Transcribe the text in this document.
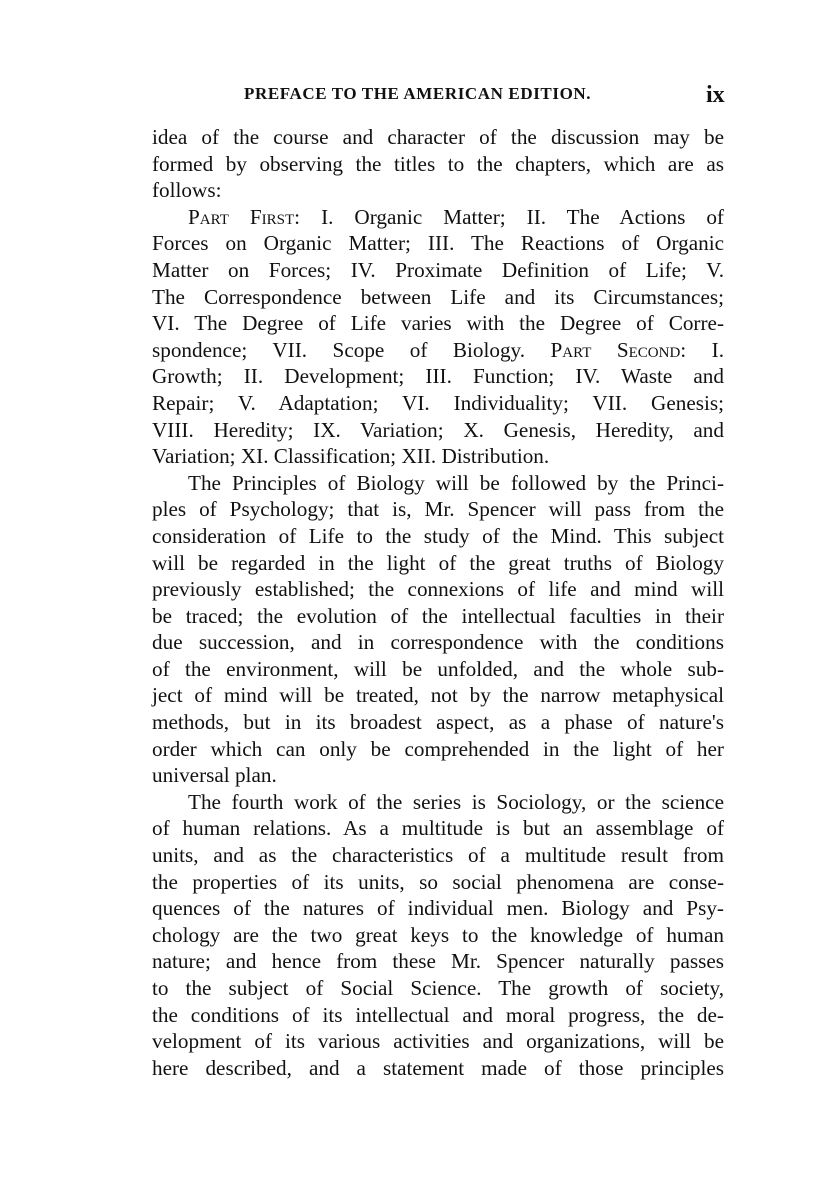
PREFACE TO THE AMERICAN EDITION.	ix
idea of the course and character of the discussion may be
formed by observing the titles to the chapters, which are as
follows:
Part First: I. Organic Matter; II. The Actions of
Forces on Organic Matter; III. The Reactions of Organic
Matter on Forces; IV. Proximate Definition of Life; V.
The Correspondence between Life and its Circumstances;
VI. The Degree of Life varies with the Degree of Corre-
spondence; VII. Scope of Biology. Part Second: I.
Growth; II. Development; III. Function; IV. Waste and
Repair; V. Adaptation; VI. Individuality; VII. Genesis;
VIII. Heredity; IX. Variation; X. Genesis, Heredity, and
Variation; XI. Classification; XII. Distribution.
The Principles of Biology will be followed by the Princi-
ples of Psychology; that is, Mr. Spencer will pass from the
consideration of Life to the study of the Mind. This subject
will be regarded in the light of the great truths of Biology
previously established; the connexions of life and mind will
be traced; the evolution of the intellectual faculties in their
due succession, and in correspondence with the conditions
of the environment, will be unfolded, and the whole sub-
ject of mind will be treated, not by the narrow metaphysical
methods, but in its broadest aspect, as a phase of nature's
order which can only be comprehended in the light of her
universal plan.
The fourth work of the series is Sociology, or the science
of human relations. As a multitude is but an assemblage of
units, and as the characteristics of a multitude result from
the properties of its units, so social phenomena are conse-
quences of the natures of individual men. Biology and Psy-
chology are the two great keys to the knowledge of human
nature; and hence from these Mr. Spencer naturally passes
to the subject of Social Science. The growth of society,
the conditions of its intellectual and moral progress, the de-
velopment of its various activities and organizations, will be
here described, and a statement made of those principles
